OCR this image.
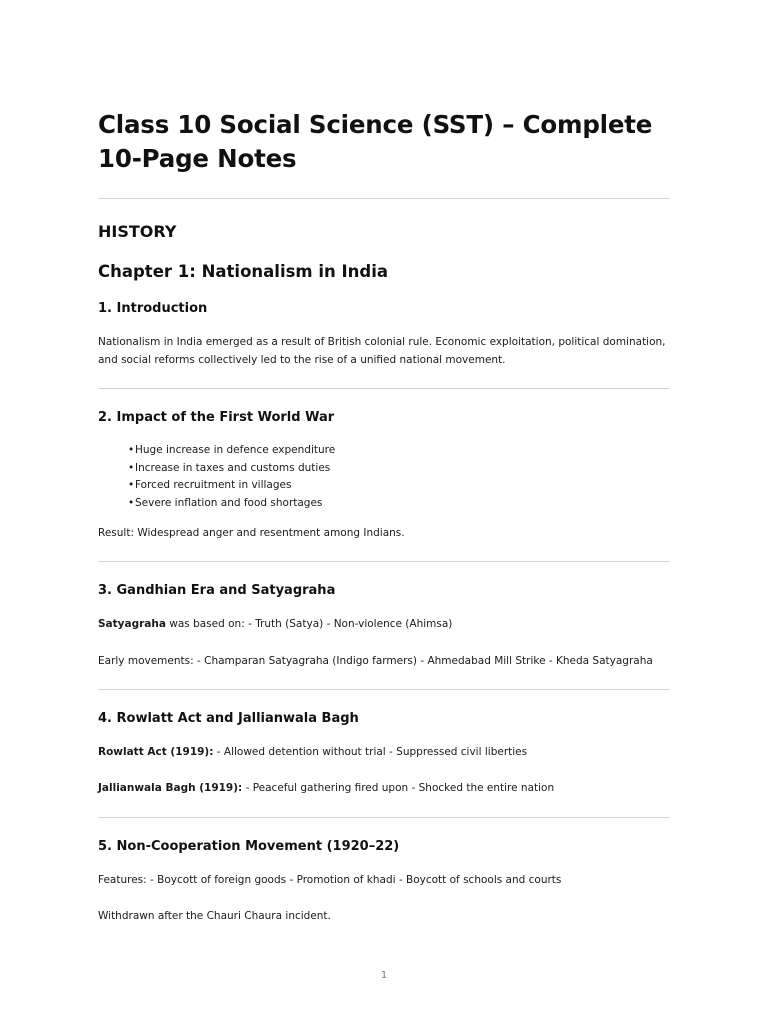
Class 10 Social Science (SST) – Complete 10-Page Notes
HISTORY
Chapter 1: Nationalism in India
1. Introduction

Nationalism in India emerged as a result of British colonial rule. Economic exploitation, political domination, and social reforms collectively led to the rise of a unified national movement.

2. Impact of the First World War
•Huge increase in defence expenditure
•Increase in taxes and customs duties
•Forced recruitment in villages
•Severe inflation and food shortages

Result: Widespread anger and resentment among Indians.

3. Gandhian Era and Satyagraha

Satyagraha was based on: - Truth (Satya) - Non-violence (Ahimsa)

Early movements: - Champaran Satyagraha (Indigo farmers) - Ahmedabad Mill Strike - Kheda Satyagraha

4. Rowlatt Act and Jallianwala Bagh

Rowlatt Act (1919): - Allowed detention without trial - Suppressed civil liberties

Jallianwala Bagh (1919): - Peaceful gathering fired upon - Shocked the entire nation

5. Non-Cooperation Movement (1920–22)

Features: - Boycott of foreign goods - Promotion of khadi - Boycott of schools and courts

Withdrawn after the Chauri Chaura incident.

1
